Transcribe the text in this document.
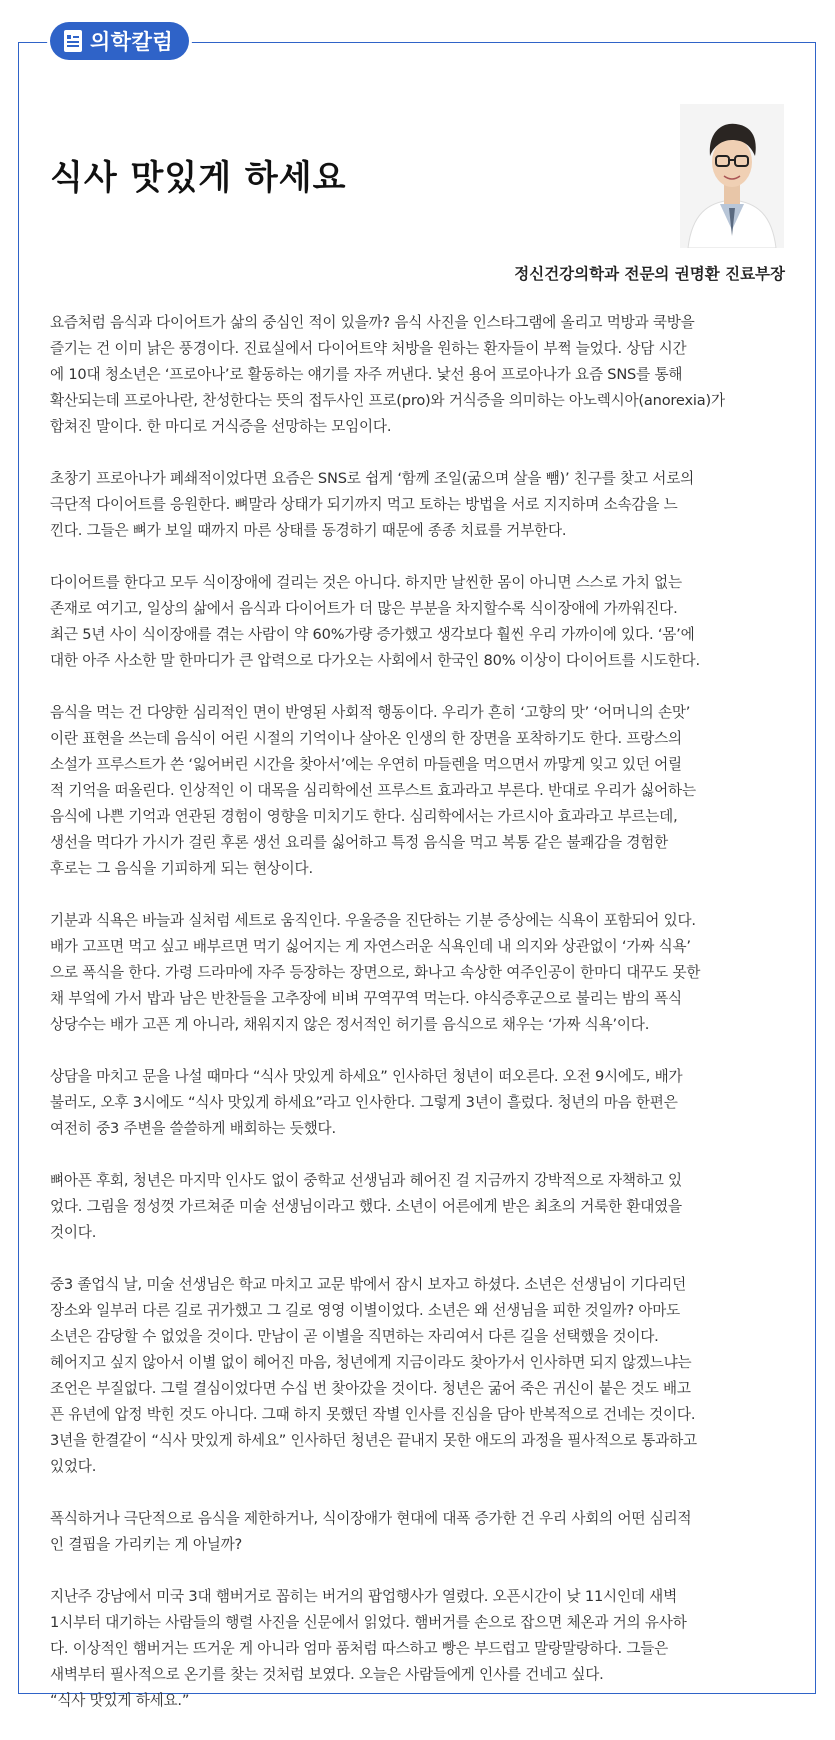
의학칼럼
식사 맛있게 하세요
정신건강의학과 전문의 권명환 진료부장

요즘처럼 음식과 다이어트가 삶의 중심인 적이 있을까? 음식 사진을 인스타그램에 올리고 먹방과 쿡방을
즐기는 건 이미 낡은 풍경이다. 진료실에서 다이어트약 처방을 원하는 환자들이 부쩍 늘었다. 상담 시간
에 10대 청소년은 ‘프로아나’로 활동하는 얘기를 자주 꺼낸다. 낯선 용어 프로아나가 요즘 SNS를 통해
확산되는데 프로아나란, 찬성한다는 뜻의 접두사인 프로(pro)와 거식증을 의미하는 아노렉시아(anorexia)가
합쳐진 말이다. 한 마디로 거식증을 선망하는 모임이다.

초창기 프로아나가 폐쇄적이었다면 요즘은 SNS로 쉽게 ‘함께 조일(굶으며 살을 뺌)’ 친구를 찾고 서로의
극단적 다이어트를 응원한다. 뼈말라 상태가 되기까지 먹고 토하는 방법을 서로 지지하며 소속감을 느
낀다. 그들은 뼈가 보일 때까지 마른 상태를 동경하기 때문에 종종 치료를 거부한다.

다이어트를 한다고 모두 식이장애에 걸리는 것은 아니다. 하지만 날씬한 몸이 아니면 스스로 가치 없는
존재로 여기고, 일상의 삶에서 음식과 다이어트가 더 많은 부분을 차지할수록 식이장애에 가까워진다.
최근 5년 사이 식이장애를 겪는 사람이 약 60%가량 증가했고 생각보다 훨씬 우리 가까이에 있다. ‘몸’에
대한 아주 사소한 말 한마디가 큰 압력으로 다가오는 사회에서 한국인 80% 이상이 다이어트를 시도한다.

음식을 먹는 건 다양한 심리적인 면이 반영된 사회적 행동이다. 우리가 흔히 ‘고향의 맛’ ‘어머니의 손맛’
이란 표현을 쓰는데 음식이 어린 시절의 기억이나 살아온 인생의 한 장면을 포착하기도 한다. 프랑스의
소설가 프루스트가 쓴 ‘잃어버린 시간을 찾아서’에는 우연히 마들렌을 먹으면서 까맣게 잊고 있던 어릴
적 기억을 떠올린다. 인상적인 이 대목을 심리학에선 프루스트 효과라고 부른다. 반대로 우리가 싫어하는
음식에 나쁜 기억과 연관된 경험이 영향을 미치기도 한다. 심리학에서는 가르시아 효과라고 부르는데,
생선을 먹다가 가시가 걸린 후론 생선 요리를 싫어하고 특정 음식을 먹고 복통 같은 불쾌감을 경험한
후로는 그 음식을 기피하게 되는 현상이다.

기분과 식욕은 바늘과 실처럼 세트로 움직인다. 우울증을 진단하는 기분 증상에는 식욕이 포함되어 있다.
배가 고프면 먹고 싶고 배부르면 먹기 싫어지는 게 자연스러운 식욕인데 내 의지와 상관없이 ‘가짜 식욕’
으로 폭식을 한다. 가령 드라마에 자주 등장하는 장면으로, 화나고 속상한 여주인공이 한마디 대꾸도 못한
채 부엌에 가서 밥과 남은 반찬들을 고추장에 비벼 꾸역꾸역 먹는다. 야식증후군으로 불리는 밤의 폭식
상당수는 배가 고픈 게 아니라, 채워지지 않은 정서적인 허기를 음식으로 채우는 ‘가짜 식욕’이다.

상담을 마치고 문을 나설 때마다 “식사 맛있게 하세요” 인사하던 청년이 떠오른다. 오전 9시에도, 배가
불러도, 오후 3시에도 “식사 맛있게 하세요”라고 인사한다. 그렇게 3년이 흘렀다. 청년의 마음 한편은
여전히 중3 주변을 쓸쓸하게 배회하는 듯했다.

뼈아픈 후회, 청년은 마지막 인사도 없이 중학교 선생님과 헤어진 걸 지금까지 강박적으로 자책하고 있
었다. 그림을 정성껏 가르쳐준 미술 선생님이라고 했다. 소년이 어른에게 받은 최초의 거룩한 환대였을
것이다.

중3 졸업식 날, 미술 선생님은 학교 마치고 교문 밖에서 잠시 보자고 하셨다. 소년은 선생님이 기다리던
장소와 일부러 다른 길로 귀가했고 그 길로 영영 이별이었다. 소년은 왜 선생님을 피한 것일까? 아마도
소년은 감당할 수 없었을 것이다. 만남이 곧 이별을 직면하는 자리여서 다른 길을 선택했을 것이다.
헤어지고 싶지 않아서 이별 없이 헤어진 마음, 청년에게 지금이라도 찾아가서 인사하면 되지 않겠느냐는
조언은 부질없다. 그럴 결심이었다면 수십 번 찾아갔을 것이다. 청년은 굶어 죽은 귀신이 붙은 것도 배고
픈 유년에 압정 박힌 것도 아니다. 그때 하지 못했던 작별 인사를 진심을 담아 반복적으로 건네는 것이다.
3년을 한결같이 “식사 맛있게 하세요” 인사하던 청년은 끝내지 못한 애도의 과정을 필사적으로 통과하고
있었다.

폭식하거나 극단적으로 음식을 제한하거나, 식이장애가 현대에 대폭 증가한 건 우리 사회의 어떤 심리적
인 결핍을 가리키는 게 아닐까?

지난주 강남에서 미국 3대 햄버거로 꼽히는 버거의 팝업행사가 열렸다. 오픈시간이 낮 11시인데 새벽
1시부터 대기하는 사람들의 행렬 사진을 신문에서 읽었다. 햄버거를 손으로 잡으면 체온과 거의 유사하
다. 이상적인 햄버거는 뜨거운 게 아니라 엄마 품처럼 따스하고 빵은 부드럽고 말랑말랑하다. 그들은
새벽부터 필사적으로 온기를 찾는 것처럼 보였다. 오늘은 사람들에게 인사를 건네고 싶다.
“식사 맛있게 하세요.”
